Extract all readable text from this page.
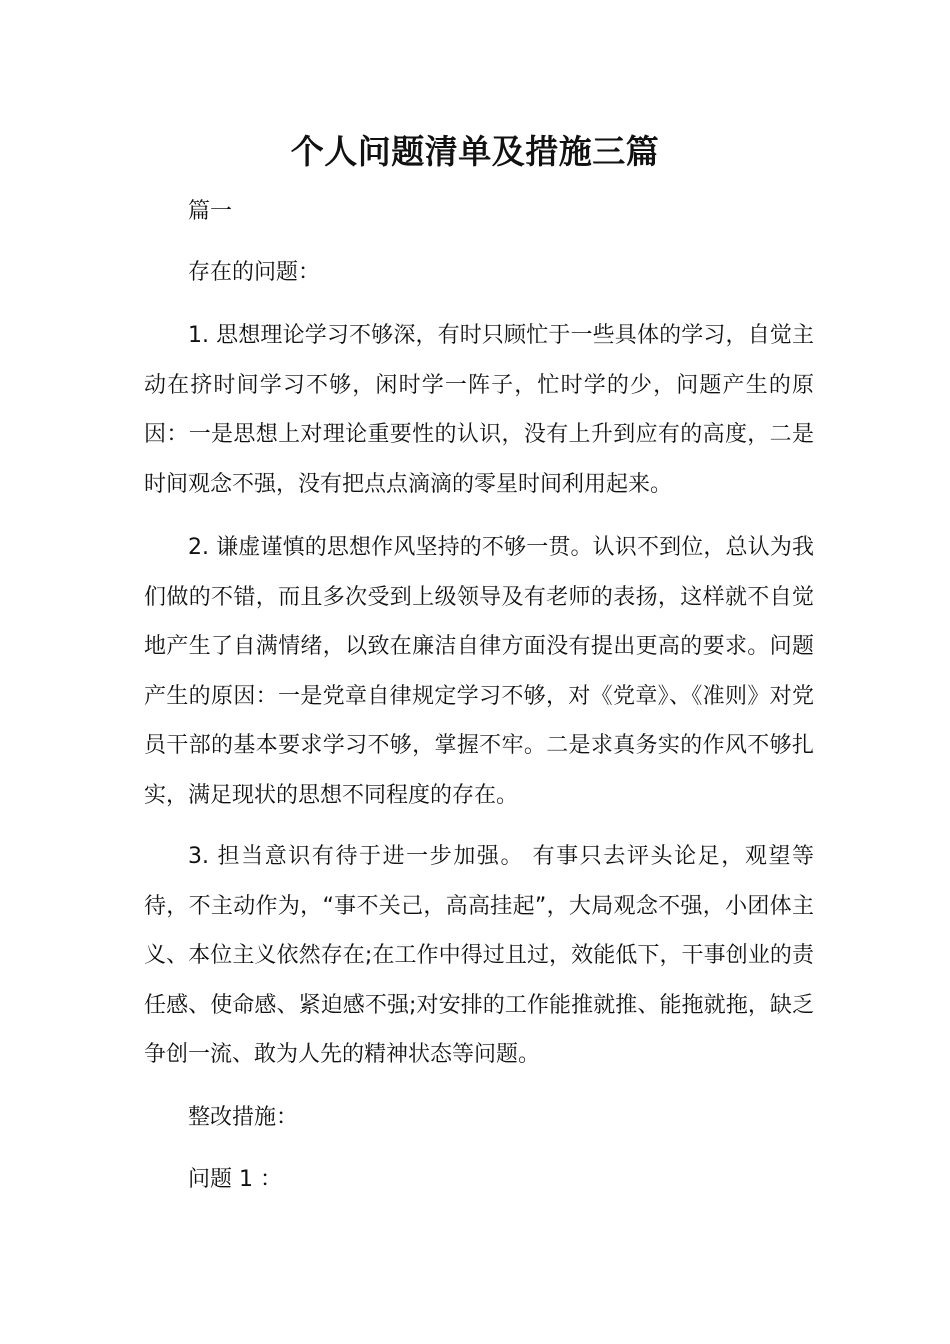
个人问题清单及措施三篇
篇一
存在的问题：

1. 思想理论学习不够深，有时只顾忙于一些具体的学习，自觉主动在挤时间学习不够，闲时学一阵子，忙时学的少，问题产生的原因：一是思想上对理论重要性的认识，没有上升到应有的高度，二是时间观念不强，没有把点点滴滴的零星时间利用起来。

2. 谦虚谨慎的思想作风坚持的不够一贯。认识不到位，总认为我们做的不错，而且多次受到上级领导及有老师的表扬，这样就不自觉地产生了自满情绪，以致在廉洁自律方面没有提出更高的要求。问题产生的原因：一是党章自律规定学习不够，对《党章》、《准则》对党员干部的基本要求学习不够，掌握不牢。二是求真务实的作风不够扎实，满足现状的思想不同程度的存在。

3. 担当意识有待于进一步加强。 有事只去评头论足，观望等待，不主动作为，“事不关己，高高挂起”，大局观念不强，小团体主义、本位主义依然存在;在工作中得过且过，效能低下，干事创业的责任感、使命感、紧迫感不强;对安排的工作能推就推、能拖就拖，缺乏争创一流、敢为人先的精神状态等问题。

整改措施：
问题 1 ：
